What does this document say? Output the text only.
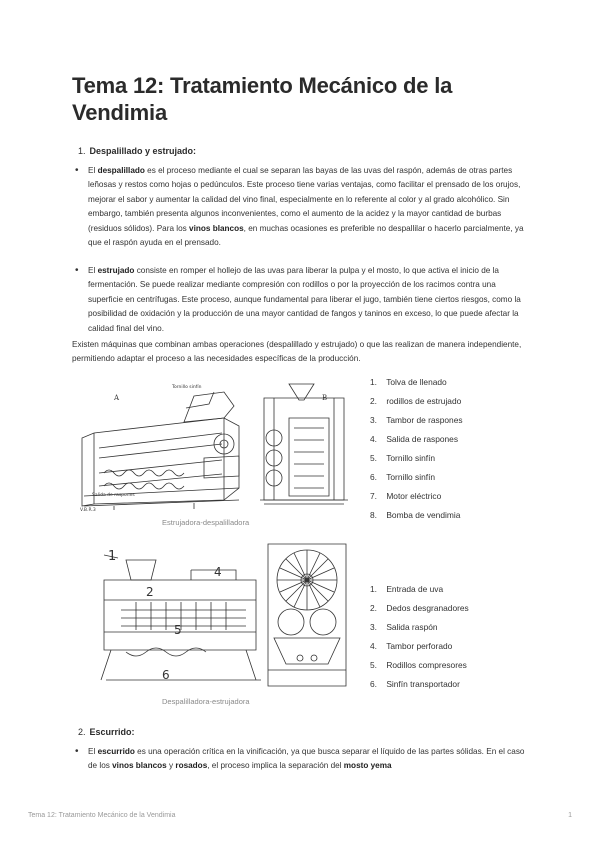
Tema 12: Tratamiento Mecánico de la Vendimia
1. Despalillado y estrujado:
• El despalillado es el proceso mediante el cual se separan las bayas de las uvas del raspón, además de otras partes leñosas y restos como hojas o pedúnculos. Este proceso tiene varias ventajas, como facilitar el prensado de los orujos, mejorar el sabor y aumentar la calidad del vino final, especialmente en lo referente al color y al grado alcohólico. Sin embargo, también presenta algunos inconvenientes, como el aumento de la acidez y la mayor cantidad de burbas (residuos sólidos). Para los vinos blancos, en muchas ocasiones es preferible no despallilar o hacerlo parcialmente, ya que el raspón ayuda en el prensado.
• El estrujado consiste en romper el hollejo de las uvas para liberar la pulpa y el mosto, lo que activa el inicio de la fermentación. Se puede realizar mediante compresión con rodillos o por la proyección de los racimos contra una superficie en centrífugas. Este proceso, aunque fundamental para liberar el jugo, también tiene ciertos riesgos, como la posibilidad de oxidación y la producción de una mayor cantidad de fangos y taninos en exceso, lo que puede afectar la calidad final del vino.
Existen máquinas que combinan ambas operaciones (despalillado y estrujado) o que las realizan de manera independiente, permitiendo adaptar el proceso a las necesidades específicas de la producción.
A	B
Tornillo sinfín
Salida de raspones
V.B.R.3
Estrujadora-despalilladora
1. Tolva de llenado
2. rodillos de estrujado
3. Tambor de raspones
4. Salida de raspones
5. Tornillo sinfín
6. Tornillo sinfín
7. Motor eléctrico
8. Bomba de vendimia
1
2
4
5
6
Despalilladora-estrujadora
1. Entrada de uva
2. Dedos desgranadores
3. Salida raspón
4. Tambor perforado
5. Rodillos compresores
6. Sinfín transportador
2. Escurrido:
• El escurrido es una operación crítica en la vinificación, ya que busca separar el líquido de las partes sólidas. En el caso de los vinos blancos y rosados, el proceso implica la separación del mosto yema
Tema 12: Tratamiento Mecánico de la Vendimia	1
